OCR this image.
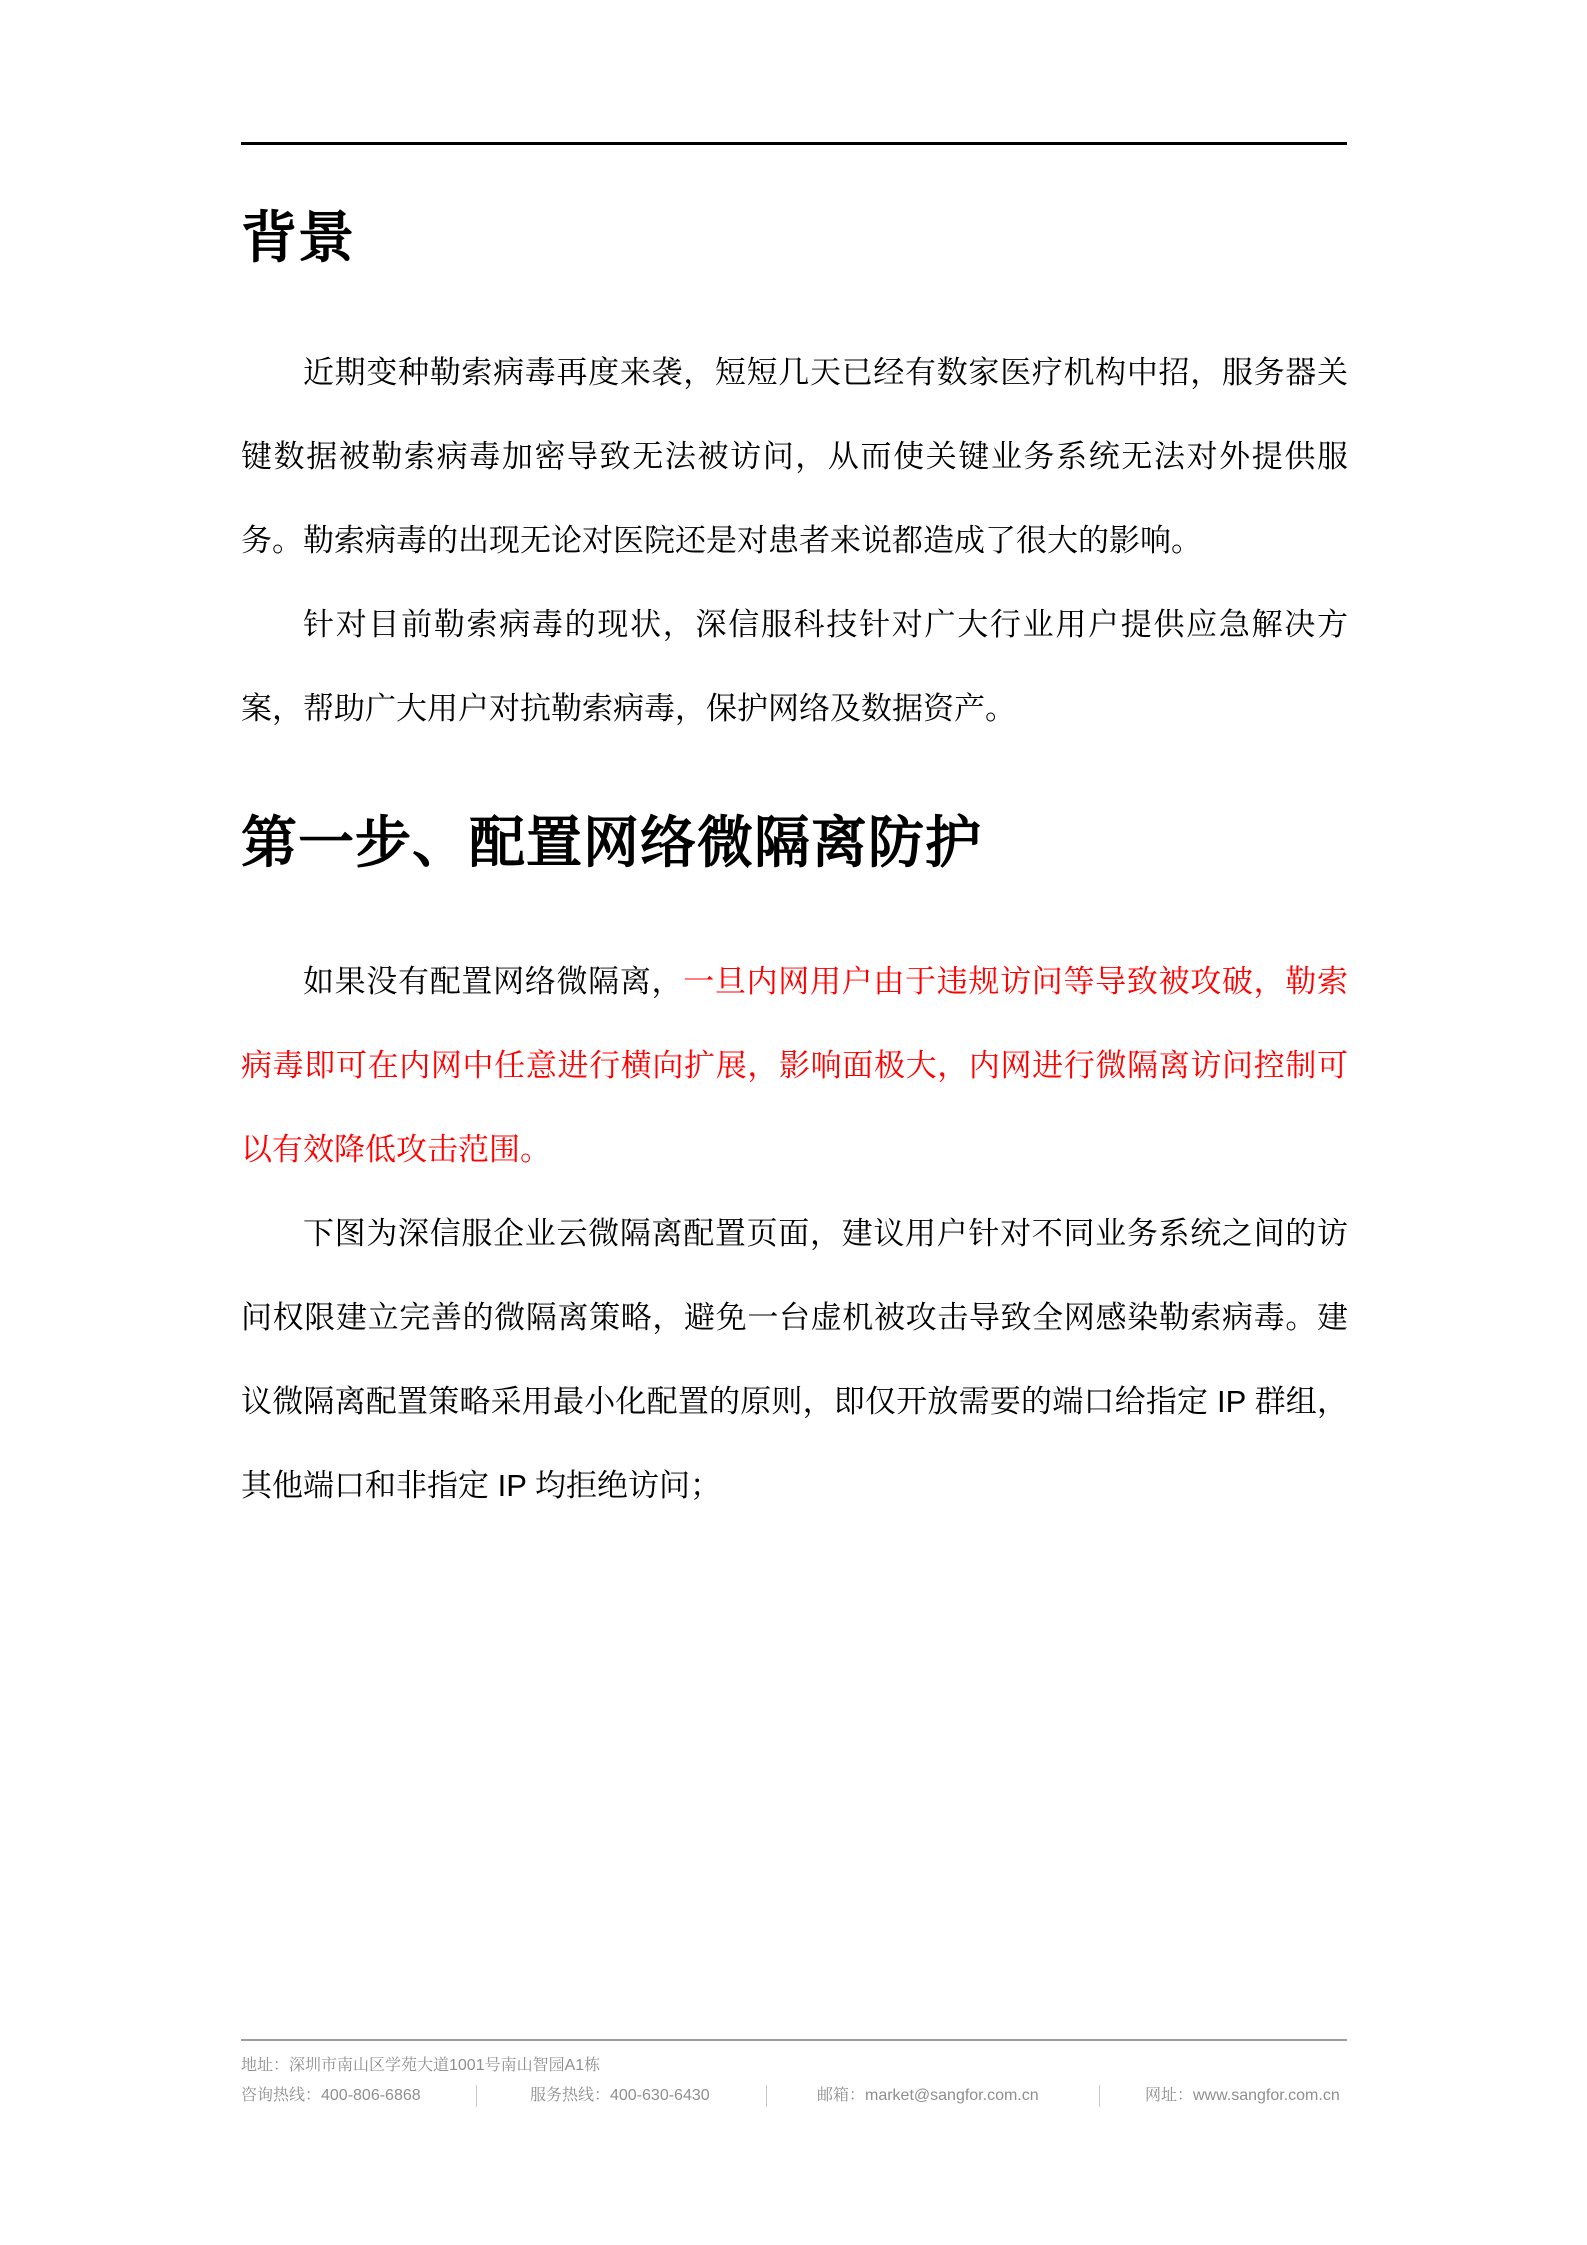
背景
近期变种勒索病毒再度来袭，短短几天已经有数家医疗机构中招，服务器关
键数据被勒索病毒加密导致无法被访问，从而使关键业务系统无法对外提供服
务。勒索病毒的出现无论对医院还是对患者来说都造成了很大的影响。
针对目前勒索病毒的现状，深信服科技针对广大行业用户提供应急解决方
案，帮助广大用户对抗勒索病毒，保护网络及数据资产。
第一步、配置网络微隔离防护
如果没有配置网络微隔离，一旦内网用户由于违规访问等导致被攻破，勒索
病毒即可在内网中任意进行横向扩展，影响面极大，内网进行微隔离访问控制可
以有效降低攻击范围。
下图为深信服企业云微隔离配置页面，建议用户针对不同业务系统之间的访
问权限建立完善的微隔离策略，避免一台虚机被攻击导致全网感染勒索病毒。建
议微隔离配置策略采用最小化配置的原则，即仅开放需要的端口给指定 IP 群组，
其他端口和非指定 IP 均拒绝访问；
地址：深圳市南山区学苑大道1001号南山智园A1栋
咨询热线：400-806-6868	服务热线：400-630-6430	邮箱：market@sangfor.com.cn	网址：www.sangfor.com.cn
